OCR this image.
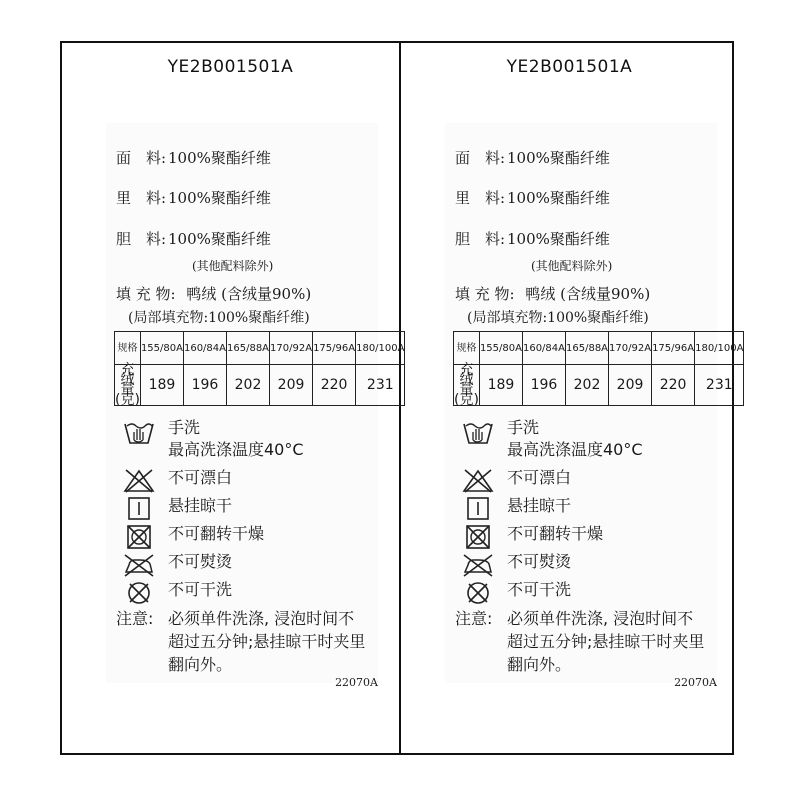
YE2B001501A
面　料: 100%聚酯纤维
里　料: 100%聚酯纤维
胆　料: 100%聚酯纤维
(其他配料除外)
填 充 物: 鸭绒 (含绒量90%)
(局部填充物:100%聚酯纤维)
规格	155/80A	160/84A	165/88A	170/92A	175/96A	180/100A
充绒量(克)	189	196	202	209	220	231
手洗
最高洗涤温度40°C
不可漂白
悬挂晾干
不可翻转干燥
不可熨烫
不可干洗
注意: 必须单件洗涤, 浸泡时间不超过五分钟;悬挂晾干时夹里翻向外。
22070A
YE2B001501A
面　料: 100%聚酯纤维
里　料: 100%聚酯纤维
胆　料: 100%聚酯纤维
(其他配料除外)
填 充 物: 鸭绒 (含绒量90%)
(局部填充物:100%聚酯纤维)
规格	155/80A	160/84A	165/88A	170/92A	175/96A	180/100A
充绒量(克)	189	196	202	209	220	231
手洗
最高洗涤温度40°C
不可漂白
悬挂晾干
不可翻转干燥
不可熨烫
不可干洗
注意: 必须单件洗涤, 浸泡时间不超过五分钟;悬挂晾干时夹里翻向外。
22070A
